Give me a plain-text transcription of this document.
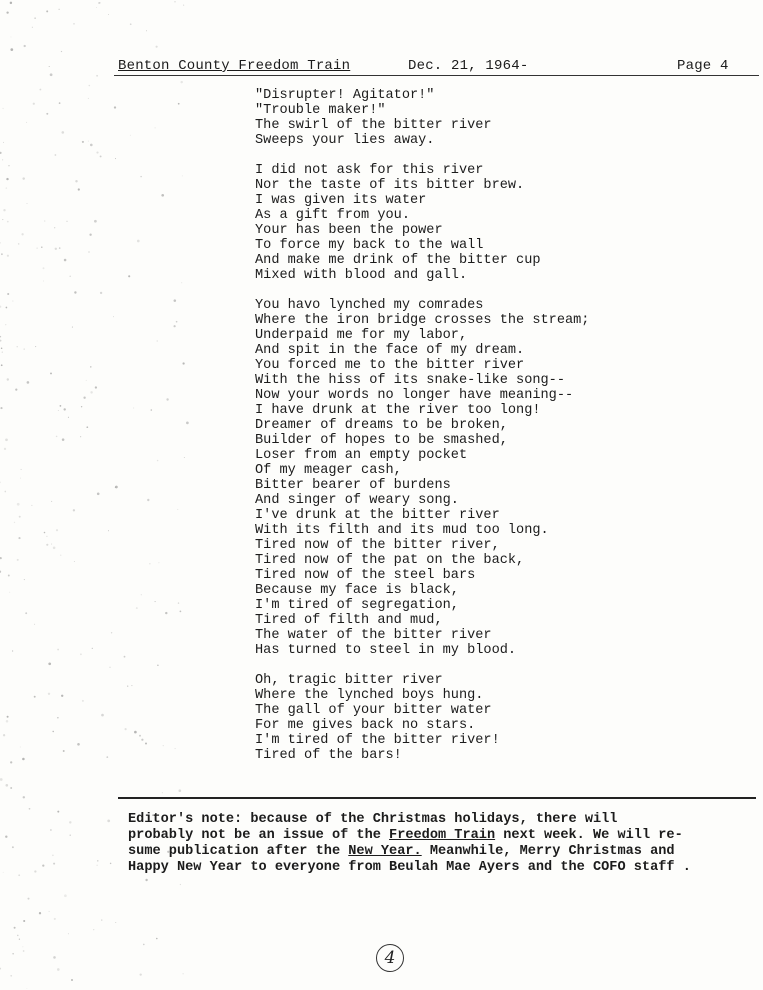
Benton County Freedom Train	Dec. 21, 1964-	Page 4
"Disrupter! Agitator!"
"Trouble maker!"
The swirl of the bitter river
Sweeps your lies away.
I did not ask for this river
Nor the taste of its bitter brew.
I was given its water
As a gift from you.
Your has been the power
To force my back to the wall
And make me drink of the bitter cup
Mixed with blood and gall.
You havo lynched my comrades
Where the iron bridge crosses the stream;
Underpaid me for my labor,
And spit in the face of my dream.
You forced me to the bitter river
With the hiss of its snake-like song--
Now your words no longer have meaning--
I have drunk at the river too long!
Dreamer of dreams to be broken,
Builder of hopes to be smashed,
Loser from an empty pocket
Of my meager cash,
Bitter bearer of burdens
And singer of weary song.
I've drunk at the bitter river
With its filth and its mud too long.
Tired now of the bitter river,
Tired now of the pat on the back,
Tired now of the steel bars
Because my face is black,
I'm tired of segregation,
Tired of filth and mud,
The water of the bitter river
Has turned to steel in my blood.
Oh, tragic bitter river
Where the lynched boys hung.
The gall of your bitter water
For me gives back no stars.
I'm tired of the bitter river!
Tired of the bars!
Editor's note: because of the Christmas holidays, there will
probably not be an issue of the Freedom Train next week. We will re-
sume publication after the New Year. Meanwhile, Merry Christmas and
Happy New Year to everyone from Beulah Mae Ayers and the COFO staff .
4
